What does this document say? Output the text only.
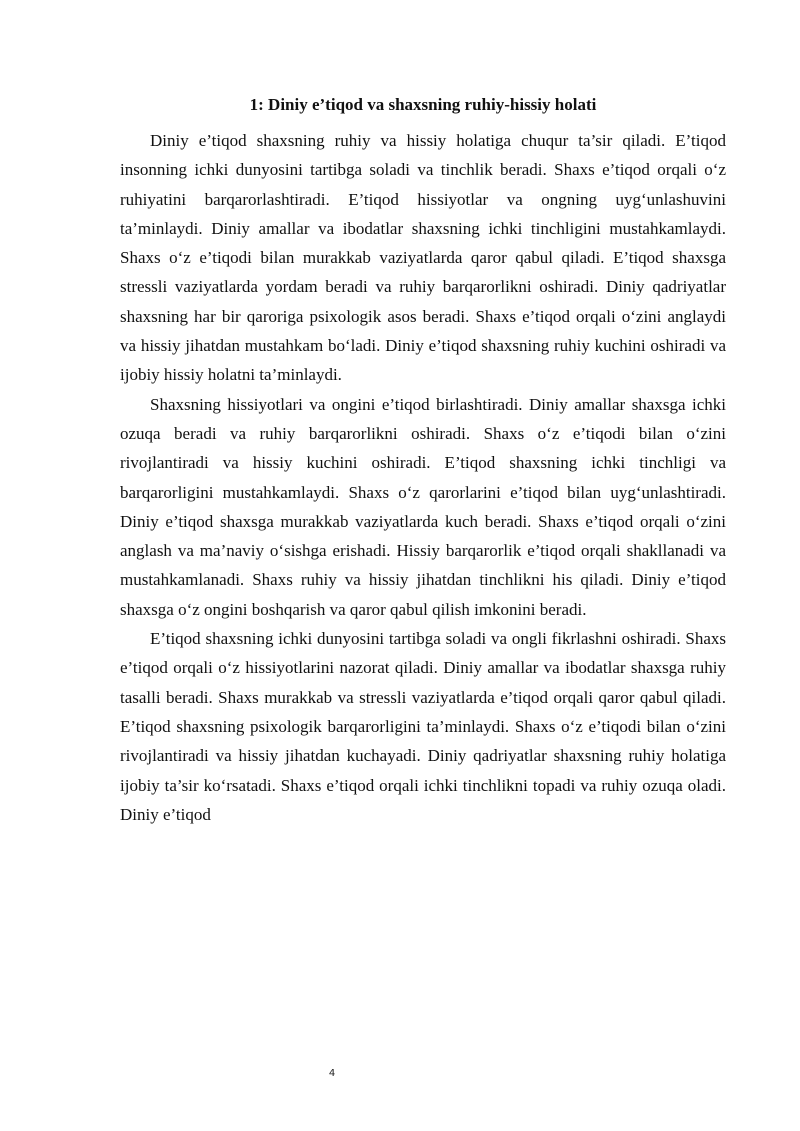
1: Diniy e’tiqod va shaxsning ruhiy-hissiy holati

Diniy e’tiqod shaxsning ruhiy va hissiy holatiga chuqur ta’sir qiladi. E’tiqod insonning ichki dunyosini tartibga soladi va tinchlik beradi. Shaxs e’tiqod orqali o‘z ruhiyatini barqarorlashtiradi. E’tiqod hissiyotlar va ongning uyg‘unlashuvini ta’minlaydi. Diniy amallar va ibodatlar shaxsning ichki tinchligini mustahkamlaydi. Shaxs o‘z e’tiqodi bilan murakkab vaziyatlarda qaror qabul qiladi. E’tiqod shaxsga stressli vaziyatlarda yordam beradi va ruhiy barqarorlikni oshiradi. Diniy qadriyatlar shaxsning har bir qaroriga psixologik asos beradi. Shaxs e’tiqod orqali o‘zini anglaydi va hissiy jihatdan mustahkam bo‘ladi. Diniy e’tiqod shaxsning ruhiy kuchini oshiradi va ijobiy hissiy holatni ta’minlaydi.

Shaxsning hissiyotlari va ongini e’tiqod birlashtiradi. Diniy amallar shaxsga ichki ozuqa beradi va ruhiy barqarorlikni oshiradi. Shaxs o‘z e’tiqodi bilan o‘zini rivojlantiradi va hissiy kuchini oshiradi. E’tiqod shaxsning ichki tinchligi va barqarorligini mustahkamlaydi. Shaxs o‘z qarorlarini e’tiqod bilan uyg‘unlashtiradi. Diniy e’tiqod shaxsga murakkab vaziyatlarda kuch beradi. Shaxs e’tiqod orqali o‘zini anglash va ma’naviy o‘sishga erishadi. Hissiy barqarorlik e’tiqod orqali shakllanadi va mustahkamlanadi. Shaxs ruhiy va hissiy jihatdan tinchlikni his qiladi. Diniy e’tiqod shaxsga o‘z ongini boshqarish va qaror qabul qilish imkonini beradi.

E’tiqod shaxsning ichki dunyosini tartibga soladi va ongli fikrlashni oshiradi. Shaxs e’tiqod orqali o‘z hissiyotlarini nazorat qiladi. Diniy amallar va ibodatlar shaxsga ruhiy tasalli beradi. Shaxs murakkab va stressli vaziyatlarda e’tiqod orqali qaror qabul qiladi. E’tiqod shaxsning psixologik barqarorligini ta’minlaydi. Shaxs o‘z e’tiqodi bilan o‘zini rivojlantiradi va hissiy jihatdan kuchayadi. Diniy qadriyatlar shaxsning ruhiy holatiga ijobiy ta’sir ko‘rsatadi. Shaxs e’tiqod orqali ichki tinchlikni topadi va ruhiy ozuqa oladi. Diniy e’tiqod

4
